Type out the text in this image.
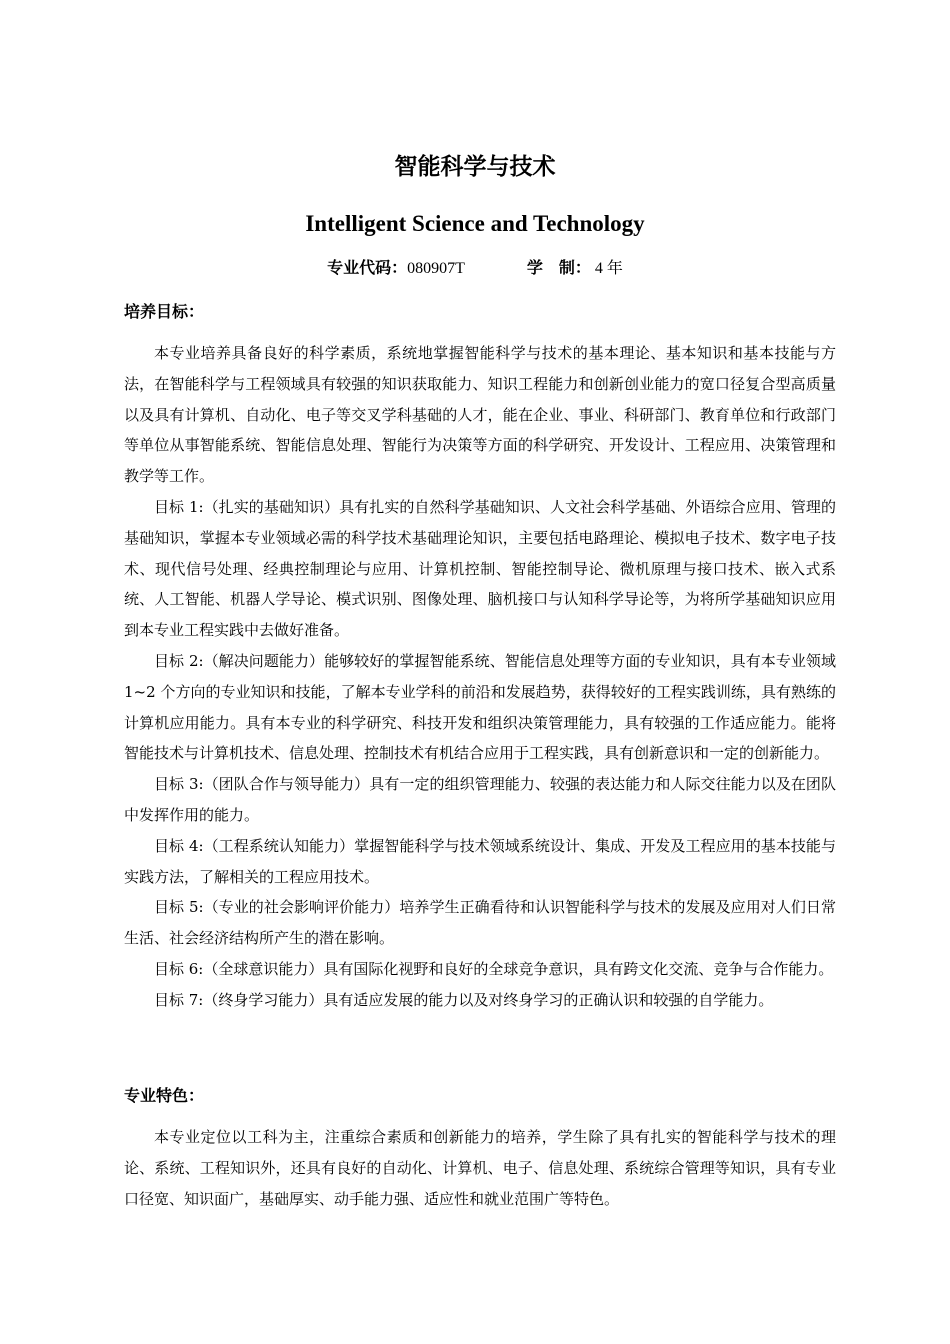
智能科学与技术
Intelligent Science and Technology
专业代码：080907T	学　制： 4 年
培养目标：

本专业培养具备良好的科学素质，系统地掌握智能科学与技术的基本理论、基本知识和基本技能与方法，在智能科学与工程领域具有较强的知识获取能力、知识工程能力和创新创业能力的宽口径复合型高质量以及具有计算机、自动化、电子等交叉学科基础的人才，能在企业、事业、科研部门、教育单位和行政部门等单位从事智能系统、智能信息处理、智能行为决策等方面的科学研究、开发设计、工程应用、决策管理和教学等工作。

目标 1:（扎实的基础知识）具有扎实的自然科学基础知识、人文社会科学基础、外语综合应用、管理的基础知识，掌握本专业领域必需的科学技术基础理论知识，主要包括电路理论、模拟电子技术、数字电子技术、现代信号处理、经典控制理论与应用、计算机控制、智能控制导论、微机原理与接口技术、嵌入式系统、人工智能、机器人学导论、模式识别、图像处理、脑机接口与认知科学导论等，为将所学基础知识应用到本专业工程实践中去做好准备。

目标 2:（解决问题能力）能够较好的掌握智能系统、智能信息处理等方面的专业知识，具有本专业领域 1~2 个方向的专业知识和技能，了解本专业学科的前沿和发展趋势，获得较好的工程实践训练，具有熟练的计算机应用能力。具有本专业的科学研究、科技开发和组织决策管理能力，具有较强的工作适应能力。能将智能技术与计算机技术、信息处理、控制技术有机结合应用于工程实践，具有创新意识和一定的创新能力。

目标 3:（团队合作与领导能力）具有一定的组织管理能力、较强的表达能力和人际交往能力以及在团队中发挥作用的能力。

目标 4:（工程系统认知能力）掌握智能科学与技术领域系统设计、集成、开发及工程应用的基本技能与实践方法，了解相关的工程应用技术。

目标 5:（专业的社会影响评价能力）培养学生正确看待和认识智能科学与技术的发展及应用对人们日常生活、社会经济结构所产生的潜在影响。

目标 6:（全球意识能力）具有国际化视野和良好的全球竞争意识，具有跨文化交流、竞争与合作能力。

目标 7:（终身学习能力）具有适应发展的能力以及对终身学习的正确认识和较强的自学能力。

专业特色：

本专业定位以工科为主，注重综合素质和创新能力的培养，学生除了具有扎实的智能科学与技术的理论、系统、工程知识外，还具有良好的自动化、计算机、电子、信息处理、系统综合管理等知识，具有专业口径宽、知识面广，基础厚实、动手能力强、适应性和就业范围广等特色。
